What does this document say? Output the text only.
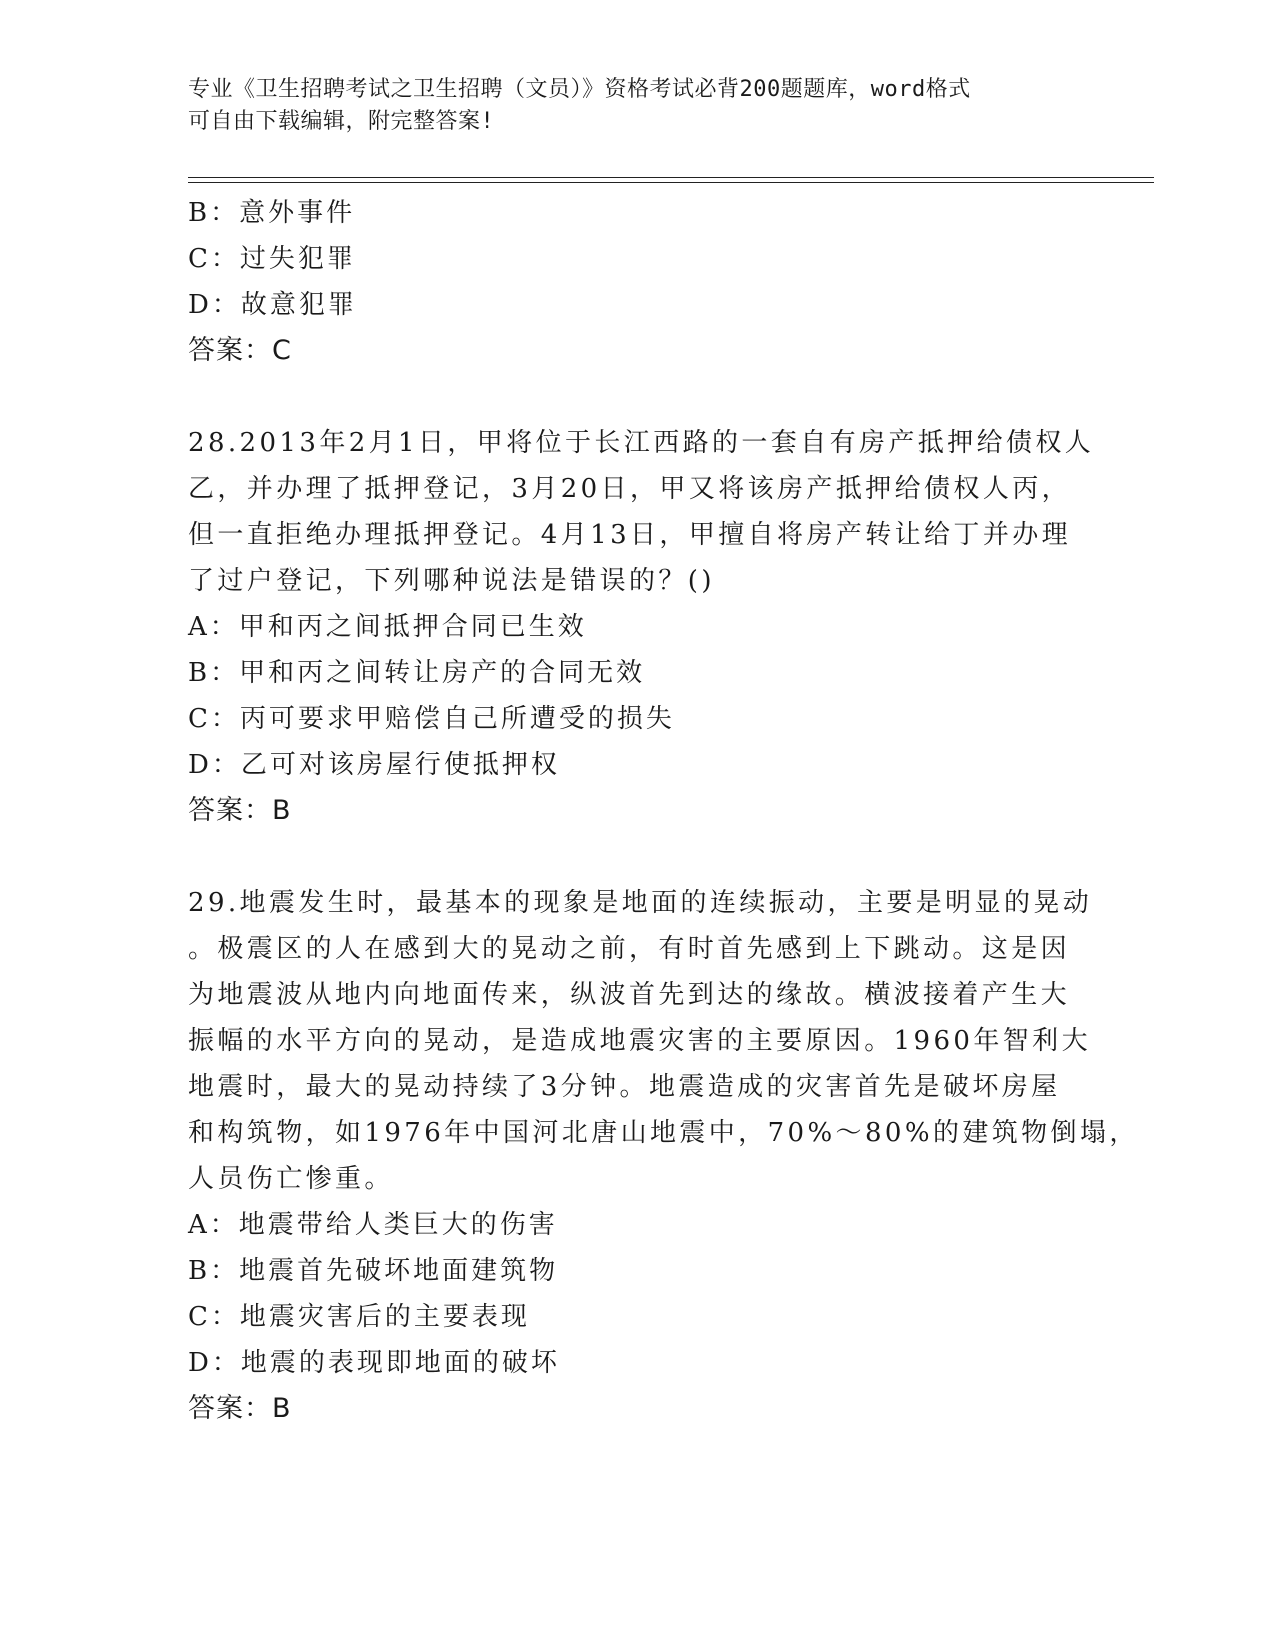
专业《卫生招聘考试之卫生招聘（文员）》资格考试必背200题题库，word格式
可自由下载编辑，附完整答案!
B：意外事件
C：过失犯罪
D：故意犯罪
答案：C
28.2013年2月1日，甲将位于长江西路的一套自有房产抵押给债权人
乙，并办理了抵押登记，3月20日，甲又将该房产抵押给债权人丙，
但一直拒绝办理抵押登记。4月13日，甲擅自将房产转让给丁并办理
了过户登记，下列哪种说法是错误的？()
A：甲和丙之间抵押合同已生效
B：甲和丙之间转让房产的合同无效
C：丙可要求甲赔偿自己所遭受的损失
D：乙可对该房屋行使抵押权
答案：B
29.地震发生时，最基本的现象是地面的连续振动，主要是明显的晃动
。极震区的人在感到大的晃动之前，有时首先感到上下跳动。这是因
为地震波从地内向地面传来，纵波首先到达的缘故。横波接着产生大
振幅的水平方向的晃动，是造成地震灾害的主要原因。1960年智利大
地震时，最大的晃动持续了3分钟。地震造成的灾害首先是破坏房屋
和构筑物，如1976年中国河北唐山地震中，70%～80%的建筑物倒塌，
人员伤亡惨重。
A：地震带给人类巨大的伤害
B：地震首先破坏地面建筑物
C：地震灾害后的主要表现
D：地震的表现即地面的破坏
答案：B
